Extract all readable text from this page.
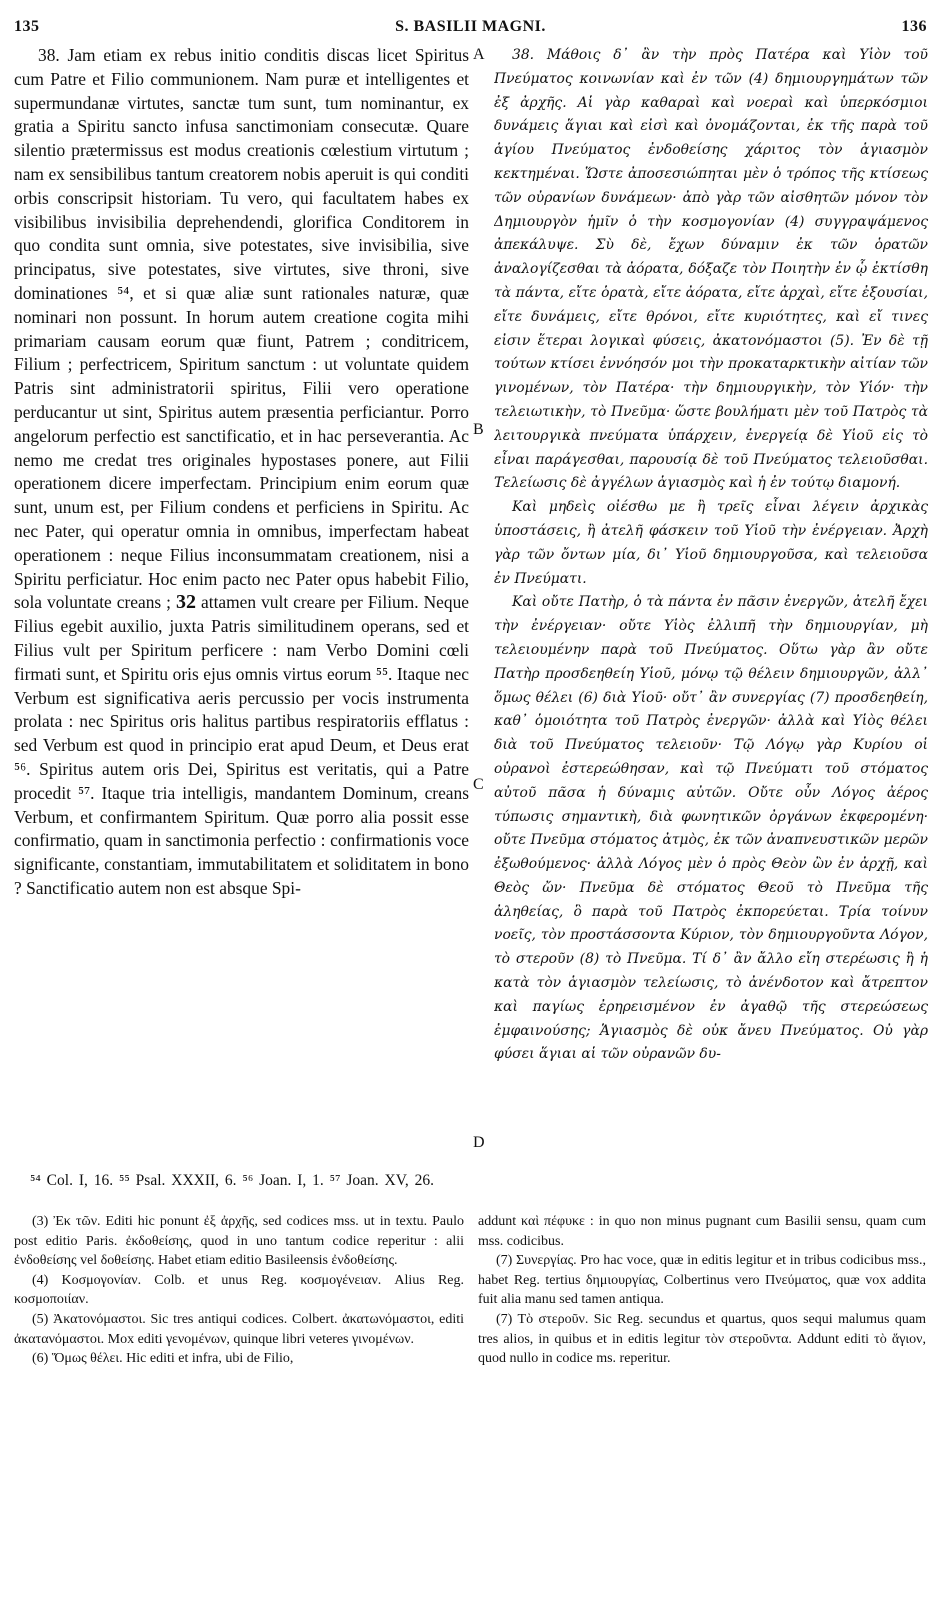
135	S. BASILII MAGNI.	136

38. Jam etiam ex rebus initio conditis discas licet Spiritus cum Patre et Filio communionem. Nam puræ et intelligentes et supermundanæ virtutes, sanctæ tum sunt, tum nominantur, ex gratia a Spiritu sancto infusa sanctimoniam consecutæ. Quare silentio prætermissus est modus creationis cœlestium virtutum ; nam ex sensibilibus tantum creatorem nobis aperuit is qui conditi orbis conscripsit historiam. Tu vero, qui facultatem habes ex visibilibus invisibilia deprehendendi, glorifica Conditorem in quo condita sunt omnia, sive potestates, sive invisibilia, sive principatus, sive potestates, sive virtutes, sive throni, sive dominationes ⁵⁴, et si quæ aliæ sunt rationales naturæ, quæ nominari non possunt. In horum autem creatione cogita mihi primariam causam eorum quæ fiunt, Patrem ; conditricem, Filium ; perfectricem, Spiritum sanctum : ut voluntate quidem Patris sint administratorii spiritus, Filii vero operatione perducantur ut sint, Spiritus autem præsentia perficiantur. Porro angelorum perfectio est sanctificatio, et in hac perseverantia. Ac nemo me credat tres originales hypostases ponere, aut Filii operationem dicere imperfectam. Principium enim eorum quæ sunt, unum est, per Filium condens et perficiens in Spiritu. Ac nec Pater, qui operatur omnia in omnibus, imperfectam habeat operationem : neque Filius inconsummatam creationem, nisi a Spiritu perficiatur. Hoc enim pacto nec Pater opus habebit Filio, sola voluntate creans ; 32 attamen vult creare per Filium. Neque Filius egebit auxilio, juxta Patris similitudinem operans, sed et Filius vult per Spiritum perficere : nam Verbo Domini cœli firmati sunt, et Spiritu oris ejus omnis virtus eorum ⁵⁵. Itaque nec Verbum est significativa aeris percussio per vocis instrumenta prolata : nec Spiritus oris halitus partibus respiratoriis efflatus : sed Verbum est quod in principio erat apud Deum, et Deus erat ⁵⁶. Spiritus autem oris Dei, Spiritus est veritatis, qui a Patre procedit ⁵⁷. Itaque tria intelligis, mandantem Dominum, creans Verbum, et confirmantem Spiritum. Quæ porro alia possit esse confirmatio, quam in sanctimonia perfectio : confirmationis voce significante, constantiam, immutabilitatem et soliditatem in bono ? Sanctificatio autem non est absque Spi-

A
B
C
D

38. Μάθοις δ᾽ ἂν τὴν πρὸς Πατέρα καὶ Υἱὸν τοῦ Πνεύματος κοινωνίαν καὶ ἐν τῶν (4) δημιουργημάτων τῶν ἐξ ἀρχῆς. Αἱ γὰρ καθαραὶ καὶ νοεραὶ καὶ ὑπερκόσμιοι δυνάμεις ἅγιαι καὶ εἰσὶ καὶ ὀνομάζονται, ἐκ τῆς παρὰ τοῦ ἁγίου Πνεύματος ἐνδοθείσης χάριτος τὸν ἁγιασμὸν κεκτημέναι. Ὥστε ἀποσεσιώπηται μὲν ὁ τρόπος τῆς κτίσεως τῶν οὐρανίων δυνάμεων· ἀπὸ γὰρ τῶν αἰσθητῶν μόνον τὸν Δημιουργὸν ἡμῖν ὁ τὴν κοσμογονίαν (4) συγγραψάμενος ἀπεκάλυψε. Σὺ δὲ, ἔχων δύναμιν ἐκ τῶν ὁρατῶν ἀναλογίζεσθαι τὰ ἀόρατα, δόξαζε τὸν Ποιητὴν ἐν ᾧ ἐκτίσθη τὰ πάντα, εἴτε ὁρατὰ, εἴτε ἀόρατα, εἴτε ἀρχαὶ, εἴτε ἐξουσίαι, εἴτε δυνάμεις, εἴτε θρόνοι, εἴτε κυριότητες, καὶ εἴ τινες εἰσιν ἕτεραι λογικαὶ φύσεις, ἀκατονόμαστοι (5). Ἐν δὲ τῇ τούτων κτίσει ἐννόησόν μοι τὴν προκαταρκτικὴν αἰτίαν τῶν γινομένων, τὸν Πατέρα· τὴν δημιουργικὴν, τὸν Υἱόν· τὴν τελειωτικὴν, τὸ Πνεῦμα· ὥστε βουλήματι μὲν τοῦ Πατρὸς τὰ λειτουργικὰ πνεύματα ὑπάρχειν, ἐνεργείᾳ δὲ Υἱοῦ εἰς τὸ εἶναι παράγεσθαι, παρουσίᾳ δὲ τοῦ Πνεύματος τελειοῦσθαι. Τελείωσις δὲ ἀγγέλων ἁγιασμὸς καὶ ἡ ἐν τούτῳ διαμονή.

Καὶ μηδεὶς οἰέσθω με ἢ τρεῖς εἶναι λέγειν ἀρχικὰς ὑποστάσεις, ἢ ἀτελῆ φάσκειν τοῦ Υἱοῦ τὴν ἐνέργειαν. Ἀρχὴ γὰρ τῶν ὄντων μία, δι᾽ Υἱοῦ δημιουργοῦσα, καὶ τελειοῦσα ἐν Πνεύματι.

Καὶ οὔτε Πατὴρ, ὁ τὰ πάντα ἐν πᾶσιν ἐνεργῶν, ἀτελῆ ἔχει τὴν ἐνέργειαν· οὔτε Υἱὸς ἐλλιπῆ τὴν δημιουργίαν, μὴ τελειουμένην παρὰ τοῦ Πνεύματος. Οὕτω γὰρ ἂν οὔτε Πατὴρ προσδεηθείη Υἱοῦ, μόνῳ τῷ θέλειν δημιουργῶν, ἀλλ᾽ ὅμως θέλει (6) διὰ Υἱοῦ· οὔτ᾽ ἂν συνεργίας (7) προσδεηθείη, καθ᾽ ὁμοιότητα τοῦ Πατρὸς ἐνεργῶν· ἀλλὰ καὶ Υἱὸς θέλει διὰ τοῦ Πνεύματος τελειοῦν· Τῷ Λόγῳ γὰρ Κυρίου οἱ οὐρανοὶ ἐστερεώθησαν, καὶ τῷ Πνεύματι τοῦ στόματος αὐτοῦ πᾶσα ἡ δύναμις αὐτῶν. Οὔτε οὖν Λόγος ἀέρος τύπωσις σημαντικὴ, διὰ φωνητικῶν ὀργάνων ἐκφερομένη· οὔτε Πνεῦμα στόματος ἀτμὸς, ἐκ τῶν ἀναπνευστικῶν μερῶν ἐξωθούμενος· ἀλλὰ Λόγος μὲν ὁ πρὸς Θεὸν ὢν ἐν ἀρχῇ, καὶ Θεὸς ὤν· Πνεῦμα δὲ στόματος Θεοῦ τὸ Πνεῦμα τῆς ἀληθείας, ὃ παρὰ τοῦ Πατρὸς ἐκπορεύεται. Τρία τοίνυν νοεῖς, τὸν προστάσσοντα Κύριον, τὸν δημιουργοῦντα Λόγον, τὸ στεροῦν (8) τὸ Πνεῦμα. Τί δ᾽ ἂν ἄλλο εἴη στερέωσις ἢ ἡ κατὰ τὸν ἁγιασμὸν τελείωσις, τὸ ἀνένδοτον καὶ ἄτρεπτον καὶ παγίως ἐρηρεισμένον ἐν ἀγαθῷ τῆς στερεώσεως ἐμφαινούσης; Ἁγιασμὸς δὲ οὐκ ἄνευ Πνεύματος. Οὐ γὰρ φύσει ἅγιαι αἱ τῶν οὐρανῶν δυ-

⁵⁴ Col. I, 16. ⁵⁵ Psal. XXXII, 6. ⁵⁶ Joan. I, 1. ⁵⁷ Joan. XV, 26.

(3) Ἐκ τῶν. Editi hic ponunt ἐξ ἀρχῆς, sed codices mss. ut in textu. Paulo post editio Paris. ἐκδοθείσης, quod in uno tantum codice reperitur : alii ἐνδοθείσης vel δοθείσης. Habet etiam editio Basileensis ἐνδοθείσης.

(4) Κοσμογονίαν. Colb. et unus Reg. κοσμογένειαν. Alius Reg. κοσμοποιίαν.

(5) Ἀκατονόμαστοι. Sic tres antiqui codices. Colbert. ἀκατωνόμαστοι, editi ἀκατανόμαστοι. Mox editi γενομένων, quinque libri veteres γινομένων.

(6) Ὅμως θέλει. Hic editi et infra, ubi de Filio,

addunt καὶ πέφυκε : in quo non minus pugnant cum Basilii sensu, quam cum mss. codicibus.

(7) Συνεργίας. Pro hac voce, quæ in editis legitur et in tribus codicibus mss., habet Reg. tertius δημιουργίας, Colbertinus vero Πνεύματος, quæ vox addita fuit alia manu sed tamen antiqua.

(7) Τὸ στεροῦν. Sic Reg. secundus et quartus, quos sequi malumus quam tres alios, in quibus et in editis legitur τὸν στεροῦντα. Addunt editi τὸ ἅγιον, quod nullo in codice ms. reperitur.
